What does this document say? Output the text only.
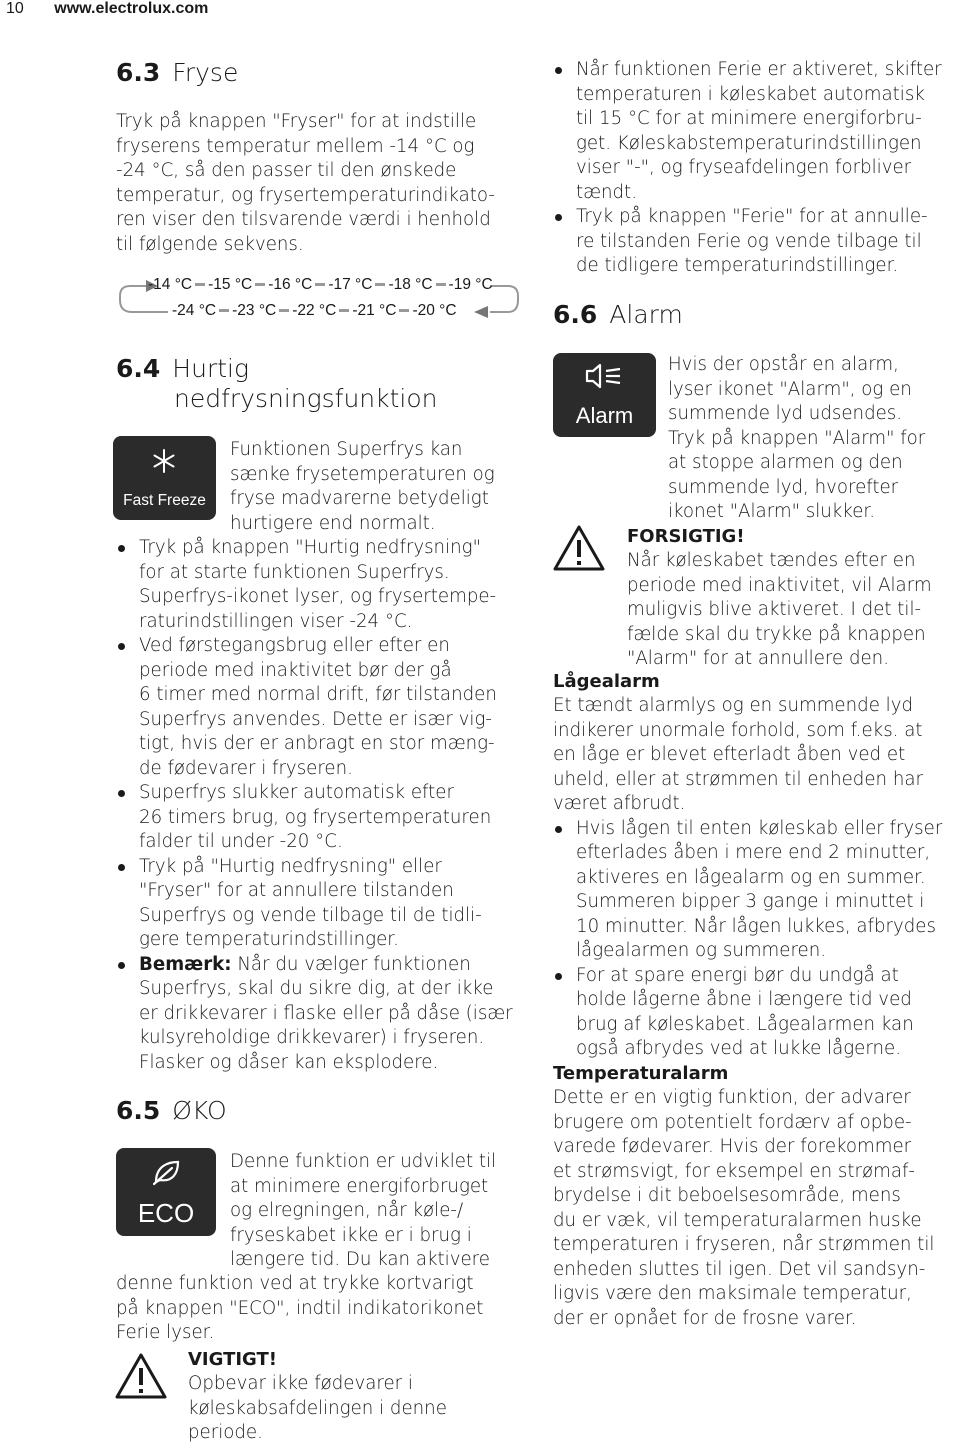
10 www.electrolux.com
6.3 Fryse

Tryk på knappen "Fryser" for at indstille

fryserens temperatur mellem -14 °C og

-24 °C, så den passer til den ønskede

temperatur, og frysertemperaturindikato-

ren viser den tilsvarende værdi i henhold

til følgende sekvens.

-14 °C -15 °C -16 °C -17 °C -18 °C -19 °C
-24 °C -23 °C -22 °C -21 °C -20 °C
6.4 Hurtig
nedfrysningsfunktion
Fast Freeze

Funktionen Superfrys kan

sænke frysetemperaturen og

fryse madvarerne betydeligt

hurtigere end normalt.

Tryk på knappen "Hurtig nedfrysning"
for at starte funktionen Superfrys.
Superfrys-ikonet lyser, og frysertempe-
raturindstillingen viser -24 °C.
Ved førstegangsbrug eller efter en
periode med inaktivitet bør der gå
6 timer med normal drift, før tilstanden
Superfrys anvendes. Dette er især vig-
tigt, hvis der er anbragt en stor mæng-
de fødevarer i fryseren.
Superfrys slukker automatisk efter
26 timers brug, og frysertemperaturen
falder til under -20 °C.
Tryk på "Hurtig nedfrysning" eller
"Fryser" for at annullere tilstanden
Superfrys og vende tilbage til de tidli-
gere temperaturindstillinger.
Bemærk: Når du vælger funktionen
Superfrys, skal du sikre dig, at der ikke
er drikkevarer i flaske eller på dåse (især
kulsyreholdige drikkevarer) i fryseren.
Flasker og dåser kan eksplodere.
6.5 ØKO
ECO

Denne funktion er udviklet til

at minimere energiforbruget

og elregningen, når køle-/

fryseskabet ikke er i brug i

længere tid. Du kan aktivere

denne funktion ved at trykke kortvarigt

på knappen "ECO", indtil indikatorikonet

Ferie lyser.

VIGTIGT!

Opbevar ikke fødevarer i

køleskabsafdelingen i denne

periode.

Når funktionen Ferie er aktiveret, skifter
temperaturen i køleskabet automatisk
til 15 °C for at minimere energiforbru-
get. Køleskabstemperaturindstillingen
viser "-", og fryseafdelingen forbliver
tændt.
Tryk på knappen "Ferie" for at annulle-
re tilstanden Ferie og vende tilbage til
de tidligere temperaturindstillinger.
6.6 Alarm
Alarm

Hvis der opstår en alarm,

lyser ikonet "Alarm", og en

summende lyd udsendes.

Tryk på knappen "Alarm" for

at stoppe alarmen og den

summende lyd, hvorefter

ikonet "Alarm" slukker.

FORSIGTIG!

Når køleskabet tændes efter en

periode med inaktivitet, vil Alarm

muligvis blive aktiveret. I det til-

fælde skal du trykke på knappen

"Alarm" for at annullere den.

Lågealarm

Et tændt alarmlys og en summende lyd

indikerer unormale forhold, som f.eks. at

en låge er blevet efterladt åben ved et

uheld, eller at strømmen til enheden har

været afbrudt.

Hvis lågen til enten køleskab eller fryser
efterlades åben i mere end 2 minutter,
aktiveres en lågealarm og en summer.
Summeren bipper 3 gange i minuttet i
10 minutter. Når lågen lukkes, afbrydes
lågealarmen og summeren.
For at spare energi bør du undgå at
holde lågerne åbne i længere tid ved
brug af køleskabet. Lågealarmen kan
også afbrydes ved at lukke lågerne.
Temperaturalarm

Dette er en vigtig funktion, der advarer

brugere om potentielt fordærv af opbe-

varede fødevarer. Hvis der forekommer

et strømsvigt, for eksempel en strømaf-

brydelse i dit beboelsesområde, mens

du er væk, vil temperaturalarmen huske

temperaturen i fryseren, når strømmen til

enheden sluttes til igen. Det vil sandsyn-

ligvis være den maksimale temperatur,

der er opnået for de frosne varer.
